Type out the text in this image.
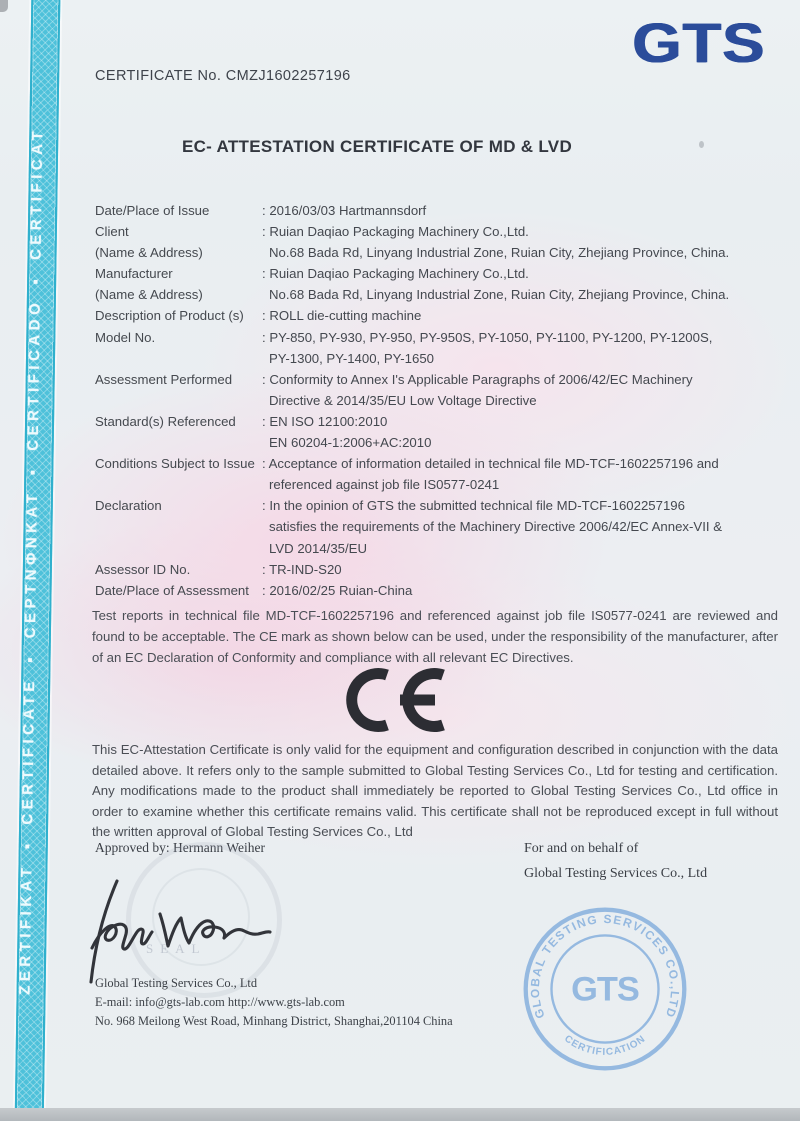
ZERTIFIKAT ▪ CERTIFICATE ▪ CEPTNΦNKAT ▪ CERTIFICADO ▪ CERTIFICAT
CERTIFICATE No. CMZJ1602257196
GTS
EC- ATTESTATION CERTIFICATE OF MD & LVD
Date/Place of Issue	: 2016/03/03 Hartmannsdorf
Client	: Ruian Daqiao Packaging Machinery Co.,Ltd.
(Name & Address)	No.68 Bada Rd, Linyang Industrial Zone, Ruian City, Zhejiang Province, China.
Manufacturer	: Ruian Daqiao Packaging Machinery Co.,Ltd.
(Name & Address)	No.68 Bada Rd, Linyang Industrial Zone, Ruian City, Zhejiang Province, China.
Description of Product (s)	: ROLL die-cutting machine
Model No.	: PY-850, PY-930, PY-950, PY-950S, PY-1050, PY-1100, PY-1200, PY-1200S,
PY-1300, PY-1400, PY-1650
Assessment Performed	: Conformity to Annex I's Applicable Paragraphs of 2006/42/EC Machinery
Directive & 2014/35/EU Low Voltage Directive
Standard(s) Referenced	: EN ISO 12100:2010
EN 60204-1:2006+AC:2010
Conditions Subject to Issue : Acceptance of information detailed in technical file MD-TCF-1602257196 and
referenced against job file IS0577-0241
Declaration	: In the opinion of GTS the submitted technical file MD-TCF-1602257196
satisfies the requirements of the Machinery Directive 2006/42/EC Annex-VII &
LVD 2014/35/EU
Assessor ID No.	: TR-IND-S20
Date/Place of Assessment : 2016/02/25 Ruian-China
Test reports in technical file MD-TCF-1602257196 and referenced against job file IS0577-0241 are reviewed and found to be acceptable. The CE mark as shown below can be used, under the responsibility of the manufacturer, after of an EC Declaration of Conformity and compliance with all relevant EC Directives.
This EC-Attestation Certificate is only valid for the equipment and configuration described in conjunction with the data detailed above. It refers only to the sample submitted to Global Testing Services Co., Ltd for testing and certification. Any modifications made to the product shall immediately be reported to Global Testing Services Co., Ltd office in order to examine whether this certificate remains valid. This certificate shall not be reproduced except in full without the written approval of Global Testing Services Co., Ltd
Approved by: Hermann Weiher	For and on behalf of
Global Testing Services Co., Ltd
SEAL
Global Testing Services Co., Ltd
E-mail: info@gts-lab.com http://www.gts-lab.com
No. 968 Meilong West Road, Minhang District, Shanghai,201104 China
GLOBAL TESTING SERVICES CO.,LTD
CERTIFICATION
GTS
